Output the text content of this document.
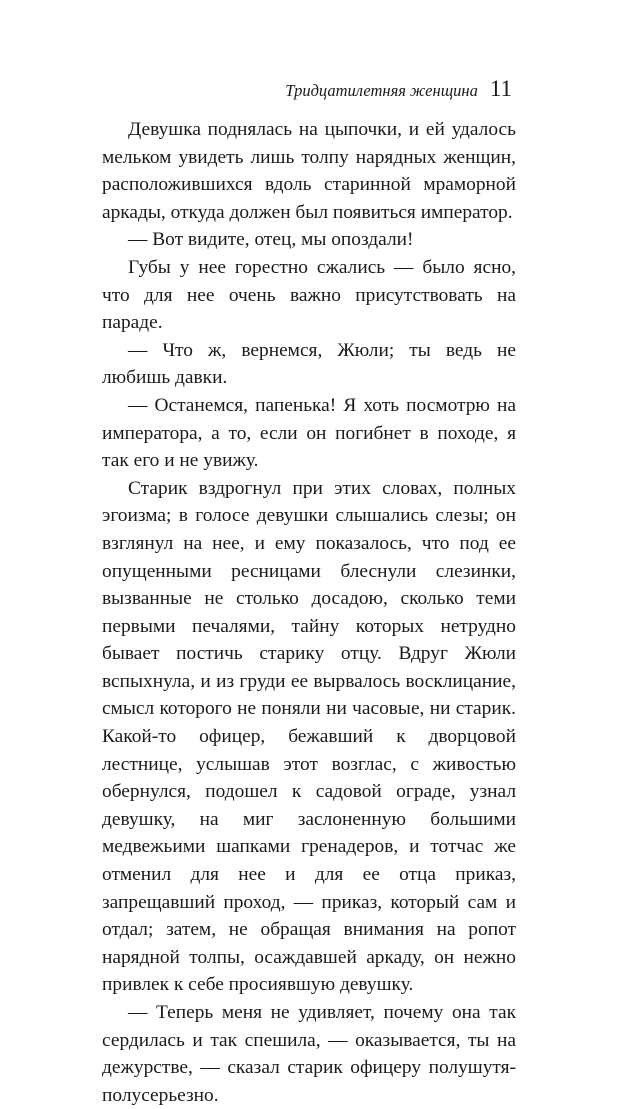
Тридцатилетняя женщина 11

Девушка поднялась на цыпочки, и ей удалось мельком увидеть лишь толпу нарядных женщин, расположившихся вдоль старинной мраморной аркады, откуда должен был появиться император.

— Вот видите, отец, мы опоздали!

Губы у нее горестно сжались — было ясно, что для нее очень важно присутствовать на параде.

— Что ж, вернемся, Жюли; ты ведь не любишь давки.

— Останемся, папенька! Я хоть посмотрю на императора, а то, если он погибнет в походе, я так его и не увижу.

Старик вздрогнул при этих словах, полных эгоизма; в голосе девушки слышались слезы; он взглянул на нее, и ему показалось, что под ее опущенными ресницами блеснули слезинки, вызванные не столько досадою, сколько теми первыми печалями, тайну которых нетрудно бывает постичь старику отцу. Вдруг Жюли вспыхнула, и из груди ее вырвалось восклицание, смысл которого не поняли ни часовые, ни старик. Какой-то офицер, бежавший к дворцовой лестнице, услышав этот возглас, с живостью обернулся, подошел к садовой ограде, узнал девушку, на миг заслоненную большими медвежьими шапками гренадеров, и тотчас же отменил для нее и для ее отца приказ, запрещавший проход, — приказ, который сам и отдал; затем, не обращая внимания на ропот нарядной толпы, осаждавшей аркаду, он нежно привлек к себе просиявшую девушку.

— Теперь меня не удивляет, почему она так сердилась и так спешила, — оказывается, ты на дежурстве, — сказал старик офицеру полушутя-полусерьезно.
